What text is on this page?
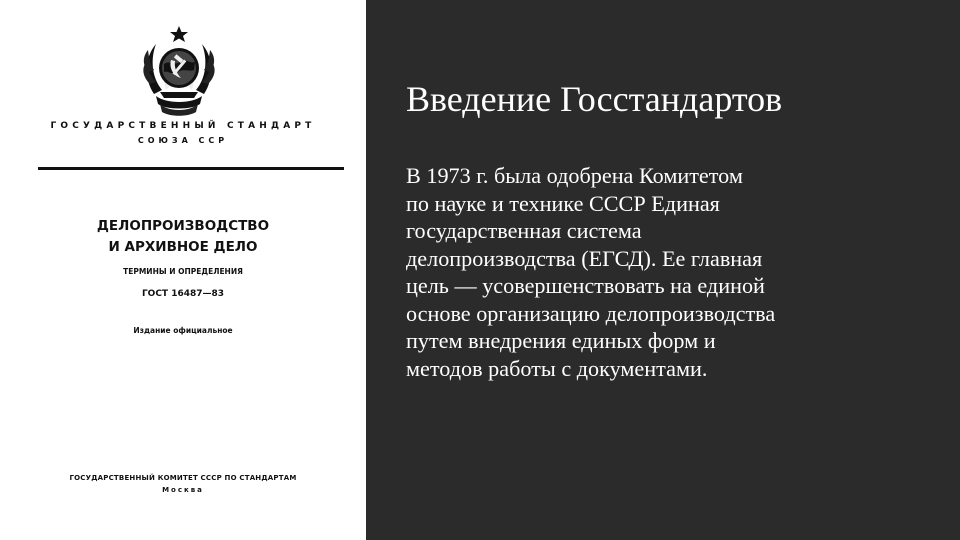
ГОСУДАРСТВЕННЫЙ СТАНДАРТ
СОЮЗА ССР
ДЕЛОПРОИЗВОДСТВО
И АРХИВНОЕ ДЕЛО
ТЕРМИНЫ И ОПРЕДЕЛЕНИЯ
ГОСТ 16487—83
Издание официальное
ГОСУДАРСТВЕННЫЙ КОМИТЕТ СССР ПО СТАНДАРТАМ
Москва
Введение Госстандартов
В 1973 г. была одобрена Комитетом
по науке и технике СССР Единая
государственная система
делопроизводства (ЕГСД). Ее главная
цель — усовершенствовать на единой
основе организацию делопроизводства
путем внедрения единых форм и
методов работы с документами.
